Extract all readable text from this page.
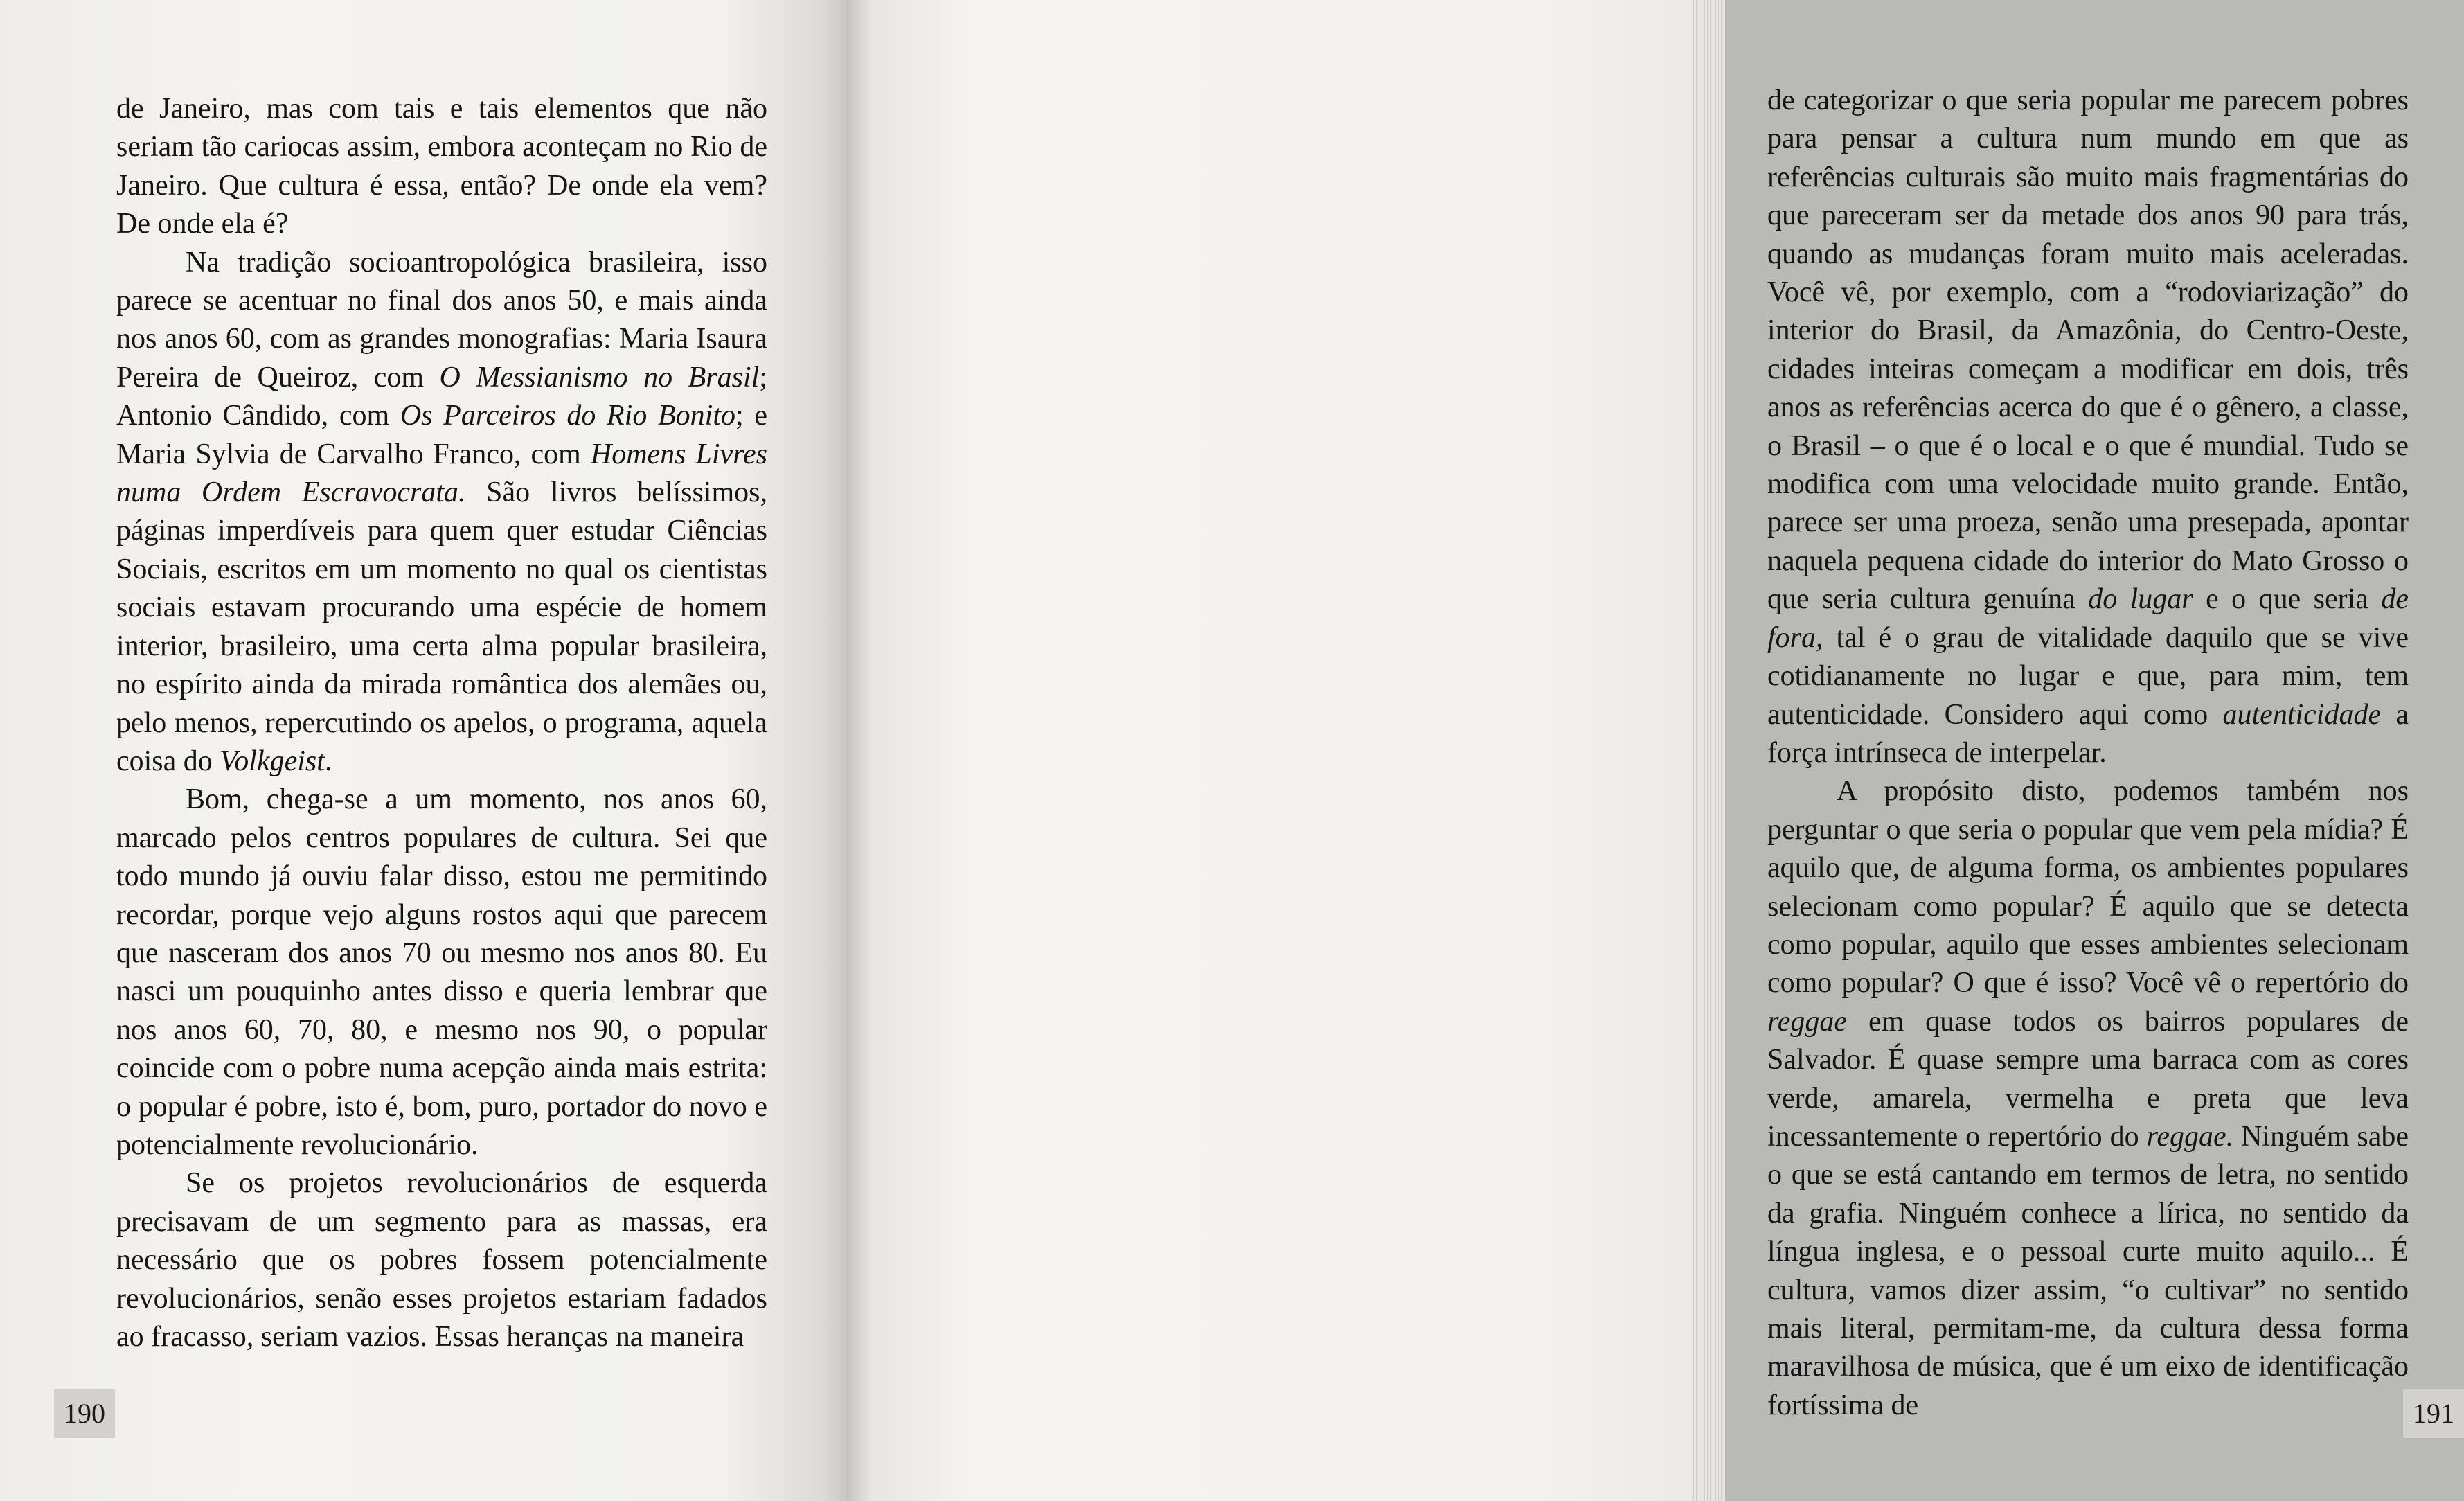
de Janeiro, mas com tais e tais elementos que não seriam tão cariocas assim, embora aconteçam no Rio de Janeiro. Que cultura é essa, então? De onde ela vem? De onde ela é?

Na tradição socioantropológica brasileira, isso parece se acentuar no final dos anos 50, e mais ainda nos anos 60, com as grandes monografias: Maria Isaura Pereira de Queiroz, com O Messianismo no Brasil; Antonio Cândido, com Os Parceiros do Rio Bonito; e Maria Sylvia de Carvalho Franco, com Homens Livres numa Ordem Escravocrata. São livros belíssimos, páginas imperdíveis para quem quer estudar Ciências Sociais, escritos em um momento no qual os cientistas sociais estavam procurando uma espécie de homem interior, brasileiro, uma certa alma popular brasileira, no espírito ainda da mirada romântica dos alemães ou, pelo menos, repercutindo os apelos, o programa, aquela coisa do Volkgeist.

Bom, chega-se a um momento, nos anos 60, marcado pelos centros populares de cultura. Sei que todo mundo já ouviu falar disso, estou me permitindo recordar, porque vejo alguns rostos aqui que parecem que nasceram dos anos 70 ou mesmo nos anos 80. Eu nasci um pouquinho antes disso e queria lembrar que nos anos 60, 70, 80, e mesmo nos 90, o popular coincide com o pobre numa acepção ainda mais estrita: o popular é pobre, isto é, bom, puro, portador do novo e potencialmente revolucionário.

Se os projetos revolucionários de esquerda precisavam de um segmento para as massas, era necessário que os pobres fossem potencialmente revolucionários, senão esses projetos estariam fadados ao fracasso, seriam vazios. Essas heranças na maneira

190

de categorizar o que seria popular me parecem pobres para pensar a cultura num mundo em que as referências culturais são muito mais fragmentárias do que pareceram ser da metade dos anos 90 para trás, quando as mudanças foram muito mais aceleradas. Você vê, por exemplo, com a “rodoviarização” do interior do Brasil, da Amazônia, do Centro-Oeste, cidades inteiras começam a modificar em dois, três anos as referências acerca do que é o gênero, a classe, o Brasil – o que é o local e o que é mundial. Tudo se modifica com uma velocidade muito grande. Então, parece ser uma proeza, senão uma presepada, apontar naquela pequena cidade do interior do Mato Grosso o que seria cultura genuína do lugar e o que seria de fora, tal é o grau de vitalidade daquilo que se vive cotidianamente no lugar e que, para mim, tem autenticidade. Considero aqui como autenticidade a força intrínseca de interpelar.

A propósito disto, podemos também nos perguntar o que seria o popular que vem pela mídia? É aquilo que, de alguma forma, os ambientes populares selecionam como popular? É aquilo que se detecta como popular, aquilo que esses ambientes selecionam como popular? O que é isso? Você vê o repertório do reggae em quase todos os bairros populares de Salvador. É quase sempre uma barraca com as cores verde, amarela, vermelha e preta que leva incessantemente o repertório do reggae. Ninguém sabe o que se está cantando em termos de letra, no sentido da grafia. Ninguém conhece a lírica, no sentido da língua inglesa, e o pessoal curte muito aquilo... É cultura, vamos dizer assim, “o cultivar” no sentido mais literal, permitam-me, da cultura dessa forma maravilhosa de música, que é um eixo de identificação fortíssima de	191
